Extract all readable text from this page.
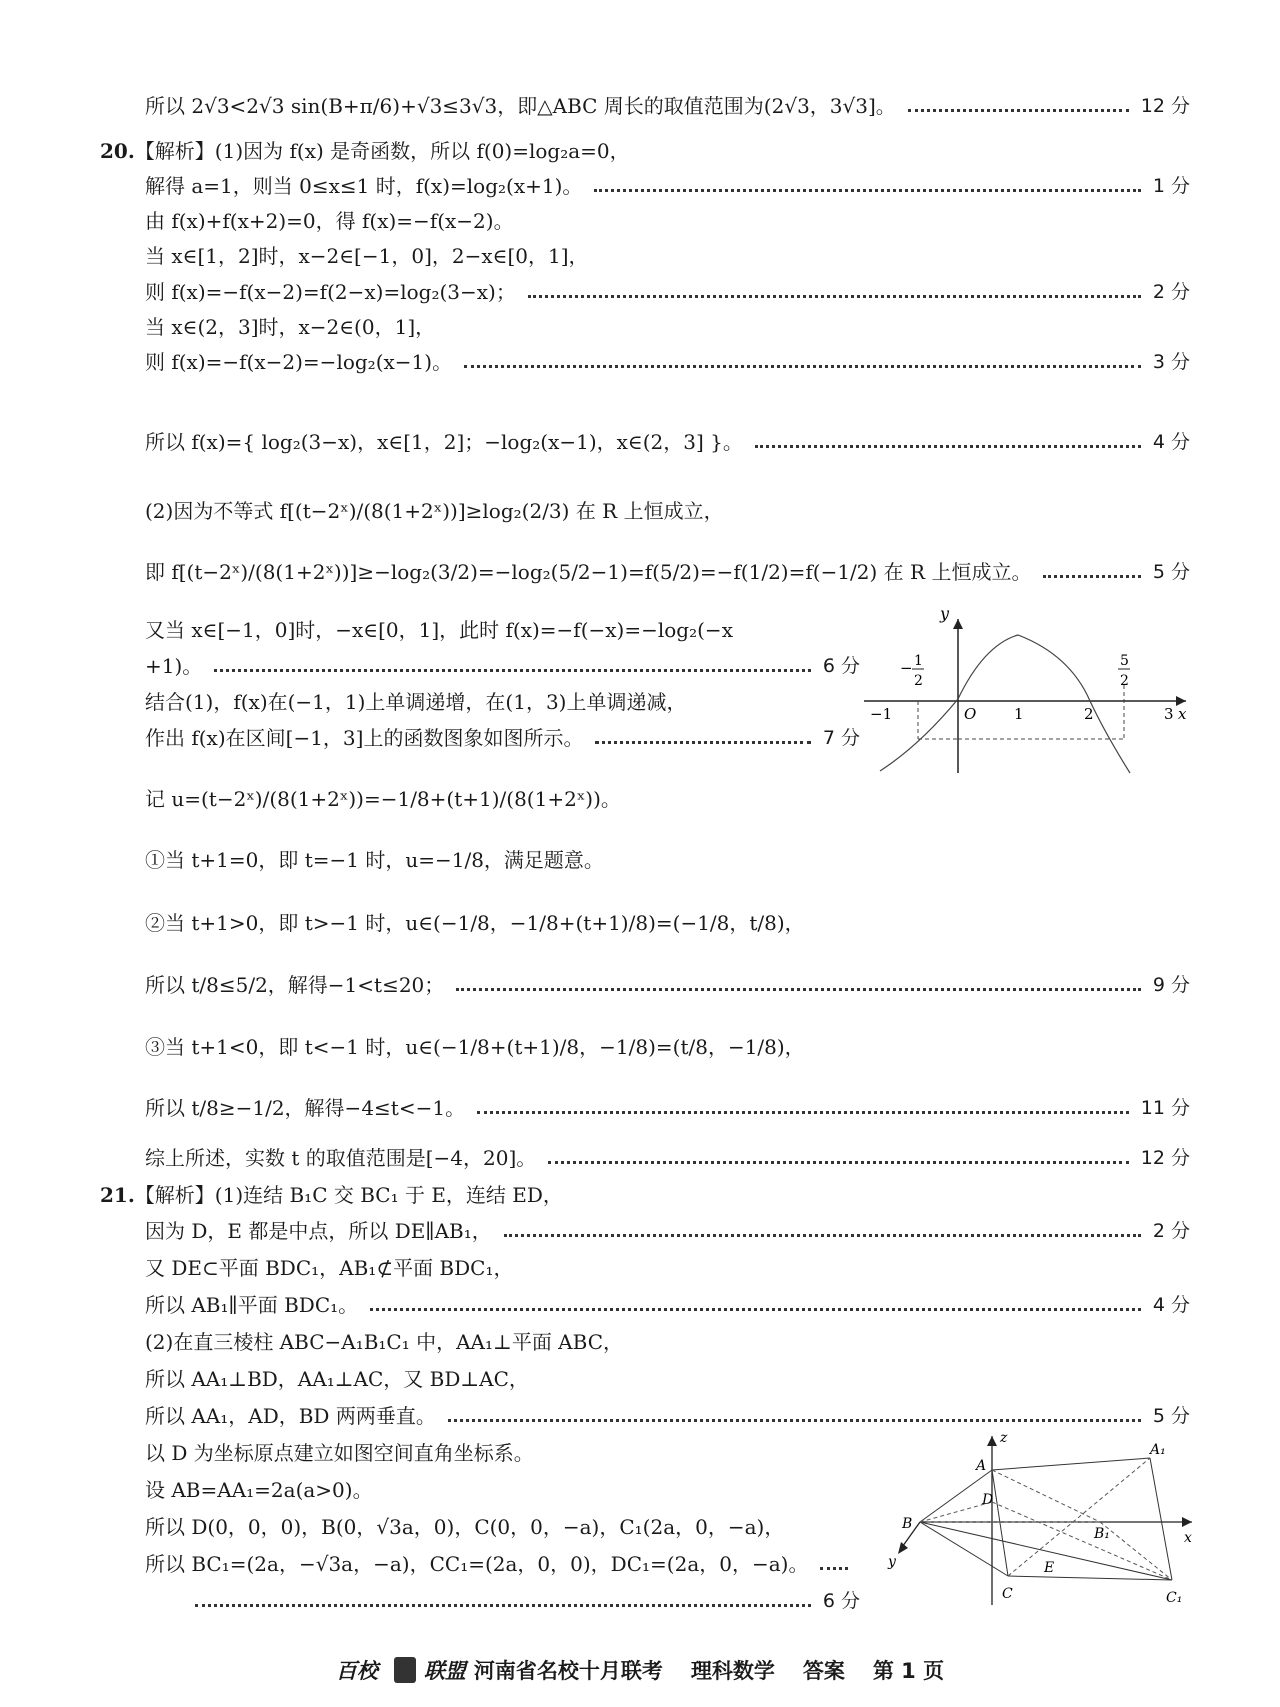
所以 2√3<2√3 sin(B+π/6)+√3≤3√3，即△ABC 周长的取值范围为(2√3，3√3]。	12 分
20. 【解析】(1)因为 f(x) 是奇函数，所以 f(0)=log₂a=0，
解得 a=1，则当 0≤x≤1 时，f(x)=log₂(x+1)。	1 分
由 f(x)+f(x+2)=0，得 f(x)=−f(x−2)。
当 x∈[1，2]时，x−2∈[−1，0]，2−x∈[0，1]，
则 f(x)=−f(x−2)=f(2−x)=log₂(3−x)；	2 分
当 x∈(2，3]时，x−2∈(0，1]，
则 f(x)=−f(x−2)=−log₂(x−1)。	3 分
所以 f(x)={ log₂(3−x)，x∈[1，2]；−log₂(x−1)，x∈(2，3] }。	4 分
(2)因为不等式 f[(t−2ˣ)/(8(1+2ˣ))]≥log₂(2/3) 在 R 上恒成立，
即 f[(t−2ˣ)/(8(1+2ˣ))]≥−log₂(3/2)=−log₂(5/2−1)=f(5/2)=−f(1/2)=f(−1/2) 在 R 上恒成立。	5 分
又当 x∈[−1，0]时，−x∈[0，1]，此时 f(x)=−f(−x)=−log₂(−x
+1)。	6 分
结合(1)，f(x)在(−1，1)上单调递增，在(1，3)上单调递减，
作出 f(x)在区间[−1，3]上的函数图象如图所示。	7 分
记 u=(t−2ˣ)/(8(1+2ˣ))=−1/8+(t+1)/(8(1+2ˣ))。
①当 t+1=0，即 t=−1 时，u=−1/8，满足题意。
②当 t+1>0，即 t>−1 时，u∈(−1/8，−1/8+(t+1)/8)=(−1/8，t/8)，
所以 t/8≤5/2，解得−1<t≤20；	9 分
③当 t+1<0，即 t<−1 时，u∈(−1/8+(t+1)/8，−1/8)=(t/8，−1/8)，
所以 t/8≥−1/2，解得−4≤t<−1。	11 分
综上所述，实数 t 的取值范围是[−4，20]。	12 分
21. 【解析】(1)连结 B₁C 交 BC₁ 于 E，连结 ED，
因为 D，E 都是中点，所以 DE∥AB₁，	2 分
又 DE⊂平面 BDC₁，AB₁⊄平面 BDC₁，
所以 AB₁∥平面 BDC₁。	4 分
(2)在直三棱柱 ABC−A₁B₁C₁ 中，AA₁⊥平面 ABC，
所以 AA₁⊥BD，AA₁⊥AC，又 BD⊥AC，
所以 AA₁，AD，BD 两两垂直。	5 分
以 D 为坐标原点建立如图空间直角坐标系。
设 AB=AA₁=2a(a>0)。
所以 D(0，0，0)，B(0，√3a，0)，C(0，0，−a)，C₁(2a，0，−a)，
所以 BC₁=(2a，−√3a，−a)，CC₁=(2a，0，0)，DC₁=(2a，0，−a)。
6 分
y
x
O
−1	1	2	3
− 1
2
5
2
z
A
A₁
D
B
B₁
E
C	C₁
x
y
百校 联盟 河南省名校十月联考 理科数学 答案 第 1 页
